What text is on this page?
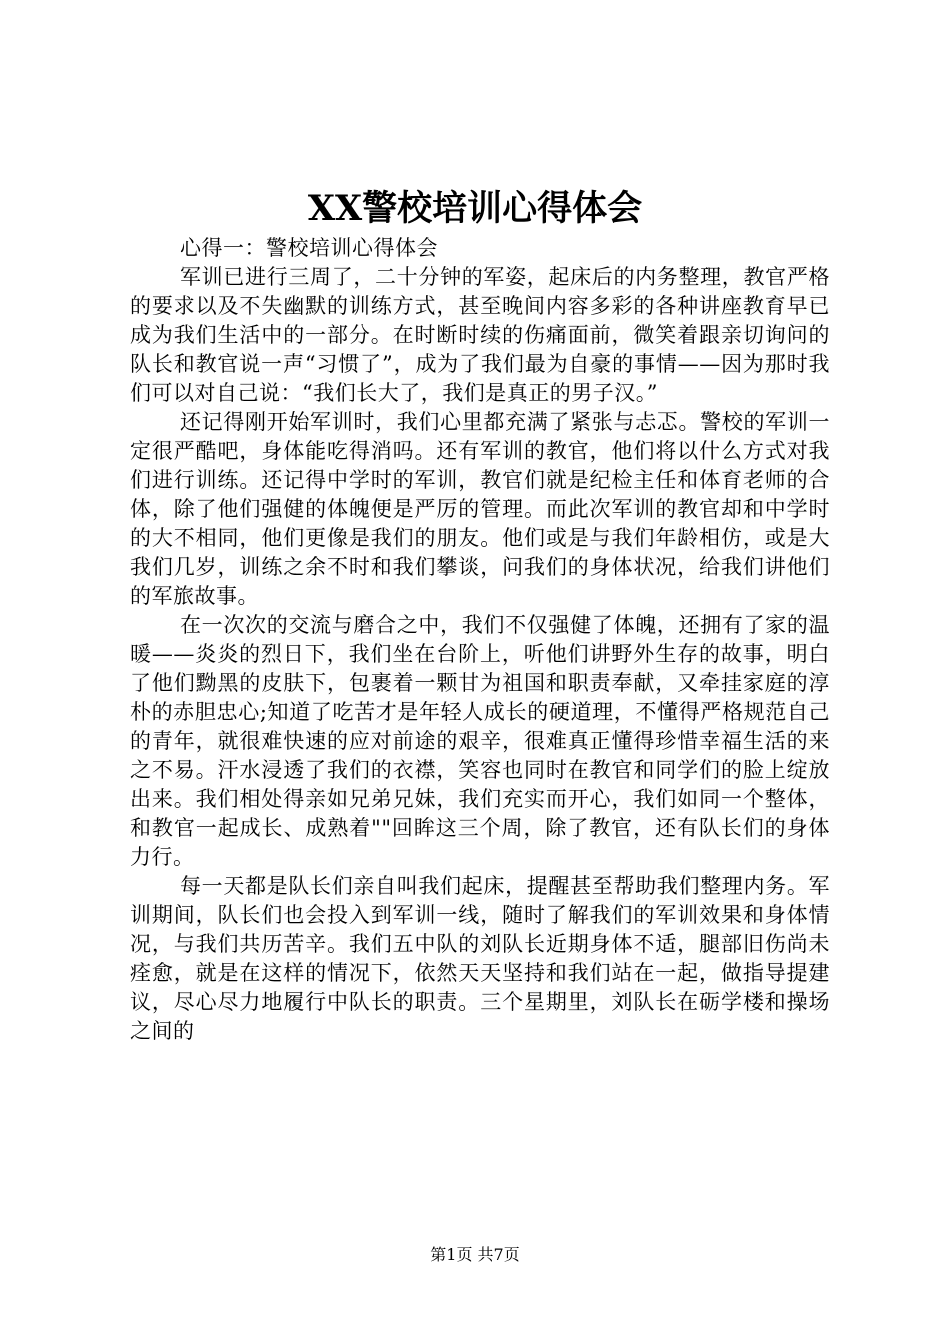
XX警校培训心得体会

心得一：警校培训心得体会

军训已进行三周了，二十分钟的军姿，起床后的内务整理，教官严格的要求以及不失幽默的训练方式，甚至晚间内容多彩的各种讲座教育早已成为我们生活中的一部分。在时断时续的伤痛面前，微笑着跟亲切询问的队长和教官说一声“习惯了”，成为了我们最为自豪的事情——因为那时我们可以对自己说：“我们长大了，我们是真正的男子汉。”

还记得刚开始军训时，我们心里都充满了紧张与忐忑。警校的军训一定很严酷吧，身体能吃得消吗。还有军训的教官，他们将以什么方式对我们进行训练。还记得中学时的军训，教官们就是纪检主任和体育老师的合体，除了他们强健的体魄便是严厉的管理。而此次军训的教官却和中学时的大不相同，他们更像是我们的朋友。他们或是与我们年龄相仿，或是大我们几岁，训练之余不时和我们攀谈，问我们的身体状况，给我们讲他们的军旅故事。

在一次次的交流与磨合之中，我们不仅强健了体魄，还拥有了家的温暖——炎炎的烈日下，我们坐在台阶上，听他们讲野外生存的故事，明白了他们黝黑的皮肤下，包裹着一颗甘为祖国和职责奉献，又牵挂家庭的淳朴的赤胆忠心;知道了吃苦才是年轻人成长的硬道理，不懂得严格规范自己的青年，就很难快速的应对前途的艰辛，很难真正懂得珍惜幸福生活的来之不易。汗水浸透了我们的衣襟，笑容也同时在教官和同学们的脸上绽放出来。我们相处得亲如兄弟兄妹，我们充实而开心，我们如同一个整体，和教官一起成长、成熟着""回眸这三个周，除了教官，还有队长们的身体力行。

每一天都是队长们亲自叫我们起床，提醒甚至帮助我们整理内务。军训期间，队长们也会投入到军训一线，随时了解我们的军训效果和身体情况，与我们共历苦辛。我们五中队的刘队长近期身体不适，腿部旧伤尚未痊愈，就是在这样的情况下，依然天天坚持和我们站在一起，做指导提建议，尽心尽力地履行中队长的职责。三个星期里，刘队长在砺学楼和操场之间的

第1页 共7页
